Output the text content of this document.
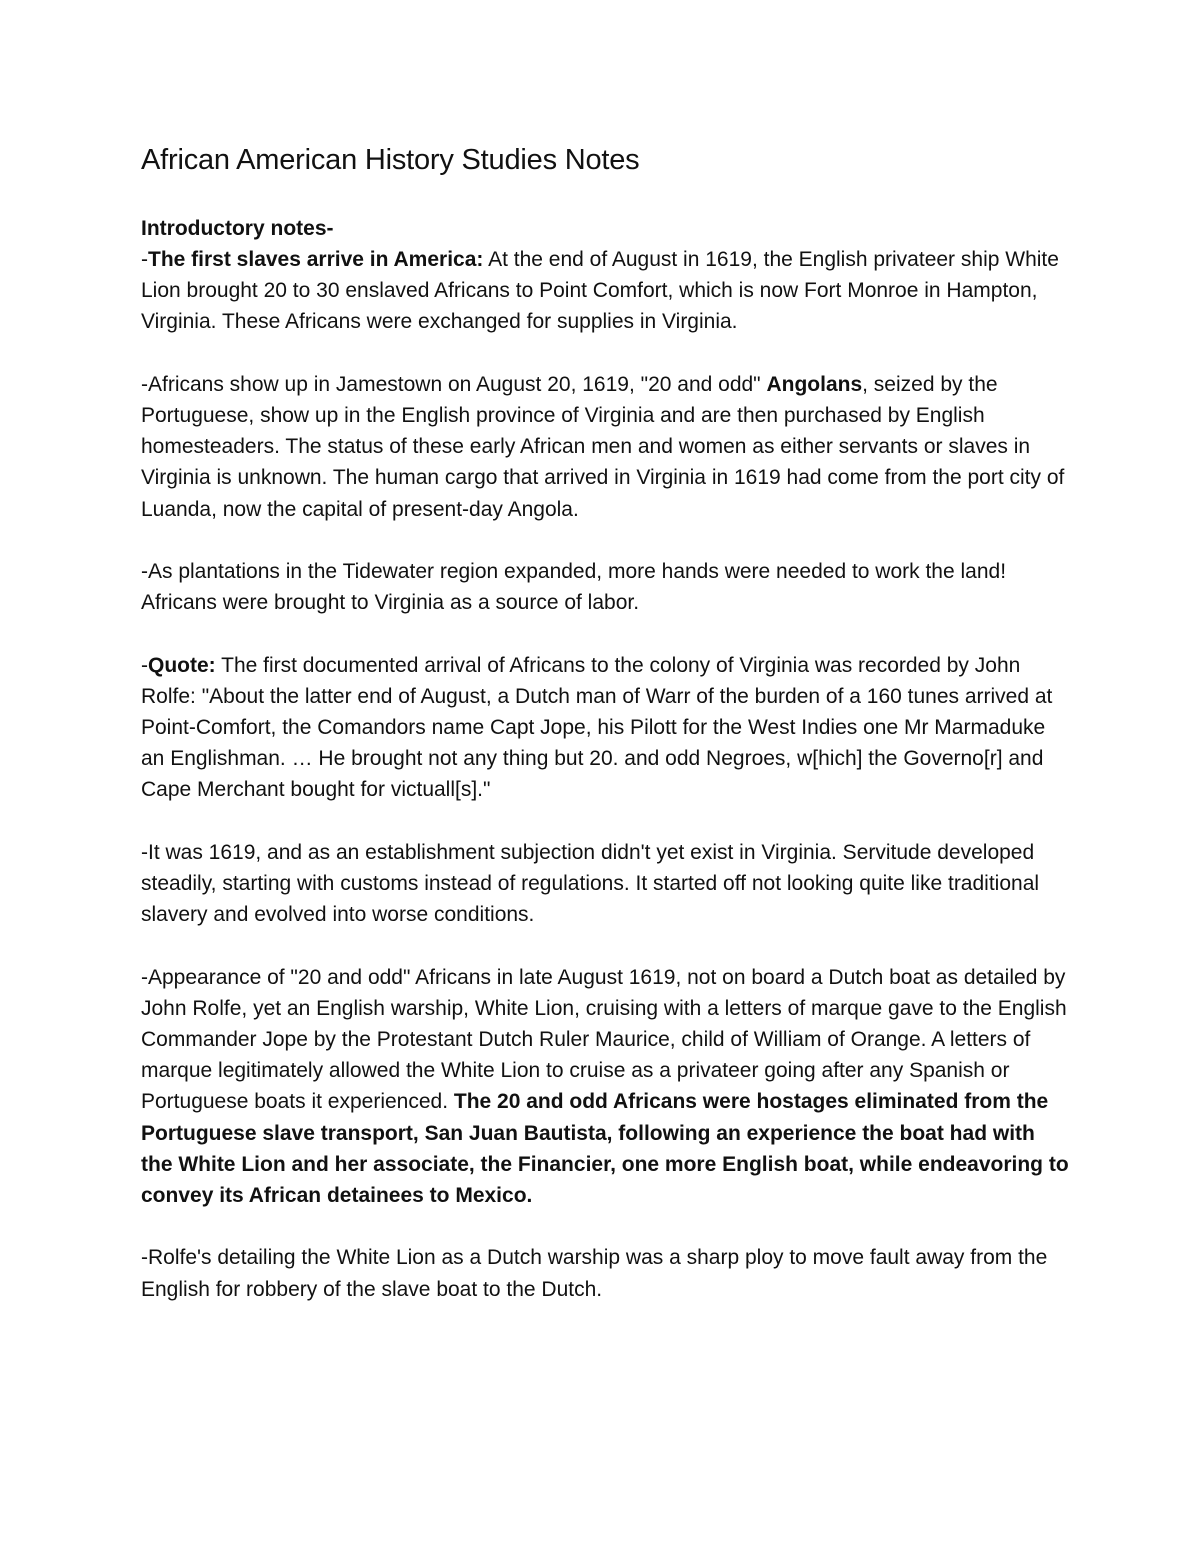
African American History Studies Notes
Introductory notes-

-The first slaves arrive in America: At the end of August in 1619, the English privateer ship White Lion brought 20 to 30 enslaved Africans to Point Comfort, which is now Fort Monroe in Hampton, Virginia. These Africans were exchanged for supplies in Virginia.

-Africans show up in Jamestown on August 20, 1619, "20 and odd" Angolans, seized by the Portuguese, show up in the English province of Virginia and are then purchased by English homesteaders. The status of these early African men and women as either servants or slaves in Virginia is unknown. The human cargo that arrived in Virginia in 1619 had come from the port city of Luanda, now the capital of present-day Angola.

-As plantations in the Tidewater region expanded, more hands were needed to work the land! Africans were brought to Virginia as a source of labor.

-Quote: The first documented arrival of Africans to the colony of Virginia was recorded by John Rolfe: "About the latter end of August, a Dutch man of Warr of the burden of a 160 tunes arrived at Point-Comfort, the Comandors name Capt Jope, his Pilott for the West Indies one Mr Marmaduke an Englishman. … He brought not any thing but 20. and odd Negroes, w[hich] the Governo[r] and Cape Merchant bought for victuall[s]."

-It was 1619, and as an establishment subjection didn't yet exist in Virginia. Servitude developed steadily, starting with customs instead of regulations. It started off not looking quite like traditional slavery and evolved into worse conditions.

-Appearance of "20 and odd" Africans in late August 1619, not on board a Dutch boat as detailed by John Rolfe, yet an English warship, White Lion, cruising with a letters of marque gave to the English Commander Jope by the Protestant Dutch Ruler Maurice, child of William of Orange. A letters of marque legitimately allowed the White Lion to cruise as a privateer going after any Spanish or Portuguese boats it experienced. The 20 and odd Africans were hostages eliminated from the Portuguese slave transport, San Juan Bautista, following an experience the boat had with the White Lion and her associate, the Financier, one more English boat, while endeavoring to convey its African detainees to Mexico.

-Rolfe's detailing the White Lion as a Dutch warship was a sharp ploy to move fault away from the English for robbery of the slave boat to the Dutch.
